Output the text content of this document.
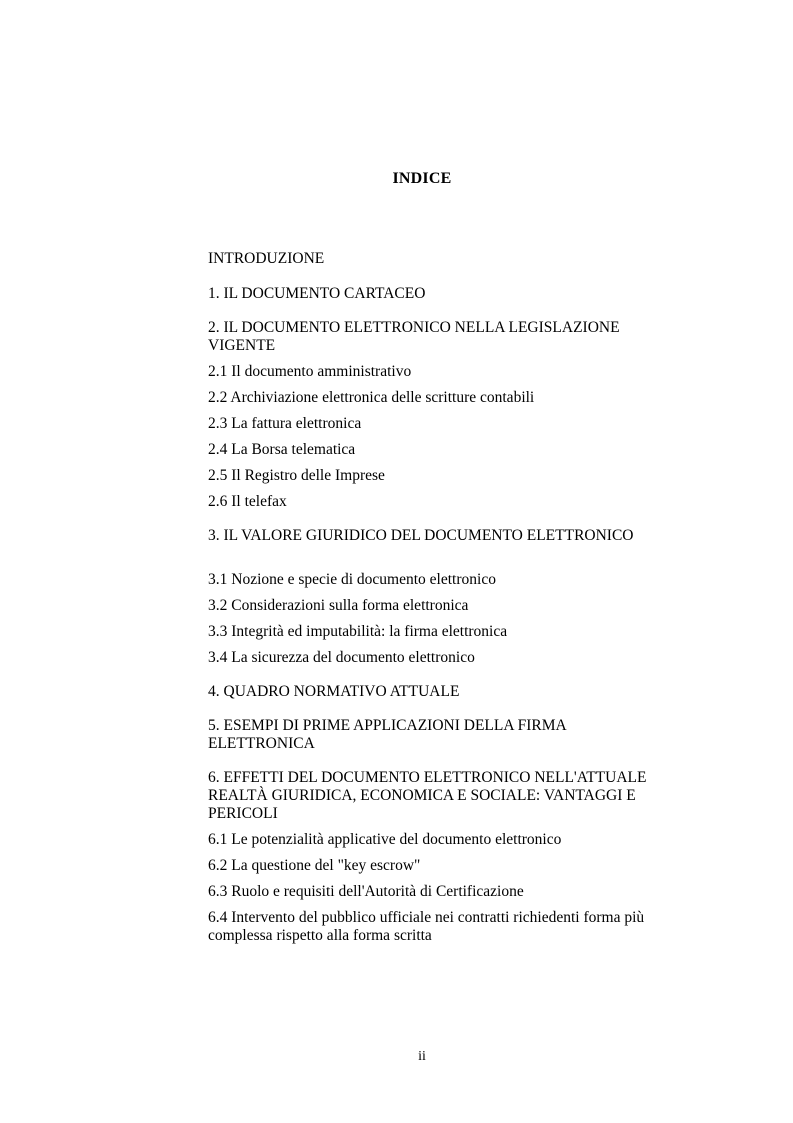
INDICE
INTRODUZIONE
1. IL DOCUMENTO CARTACEO
2. IL DOCUMENTO ELETTRONICO NELLA LEGISLAZIONE VIGENTE
2.1 Il documento amministrativo
2.2 Archiviazione elettronica delle scritture contabili
2.3 La fattura elettronica
2.4 La Borsa telematica
2.5 Il Registro delle Imprese
2.6 Il telefax
3. IL VALORE GIURIDICO DEL DOCUMENTO ELETTRONICO
3.1 Nozione e specie di documento elettronico
3.2 Considerazioni sulla forma elettronica
3.3 Integrità ed imputabilità: la firma elettronica
3.4 La sicurezza del documento elettronico
4. QUADRO NORMATIVO ATTUALE
5. ESEMPI DI PRIME APPLICAZIONI DELLA FIRMA ELETTRONICA
6. EFFETTI DEL DOCUMENTO ELETTRONICO NELL'ATTUALE REALTÀ GIURIDICA, ECONOMICA E SOCIALE: VANTAGGI E PERICOLI
6.1 Le potenzialità applicative del documento elettronico
6.2 La questione del "key escrow"
6.3 Ruolo e requisiti dell'Autorità di Certificazione
6.4 Intervento del pubblico ufficiale nei contratti richiedenti forma più complessa rispetto alla forma scritta
ii
